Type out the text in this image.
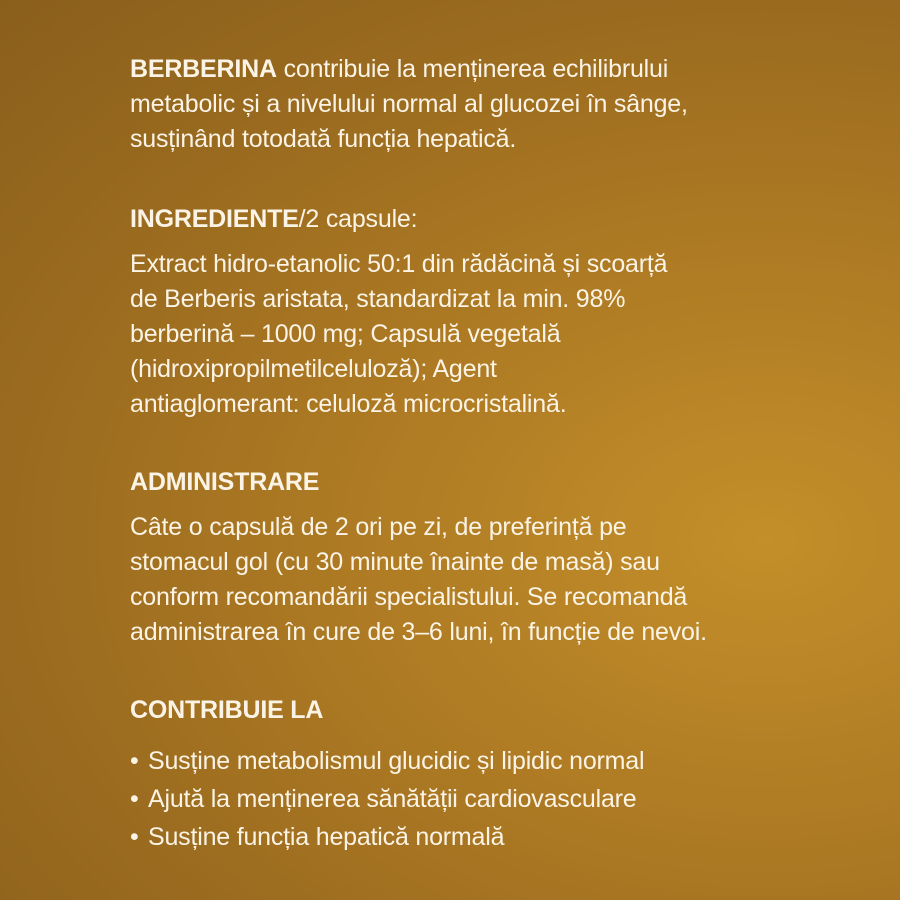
BERBERINA contribuie la menținerea echilibrului
metabolic și a nivelului normal al glucozei în sânge,
susținând totodată funcția hepatică.

INGREDIENTE/2 capsule:

Extract hidro-etanolic 50:1 din rădăcină și scoarță
de Berberis aristata, standardizat la min. 98%
berberină – 1000 mg; Capsulă vegetală
(hidroxipropilmetilceluloză); Agent
antiaglomerant: celuloză microcristalină.

ADMINISTRARE

Câte o capsulă de 2 ori pe zi, de preferință pe
stomacul gol (cu 30 minute înainte de masă) sau
conform recomandării specialistului. Se recomandă
administrarea în cure de 3–6 luni, în funcție de nevoi.

CONTRIBUIE LA
• Susține metabolismul glucidic și lipidic normal
• Ajută la menținerea sănătății cardiovasculare
• Susține funcția hepatică normală
